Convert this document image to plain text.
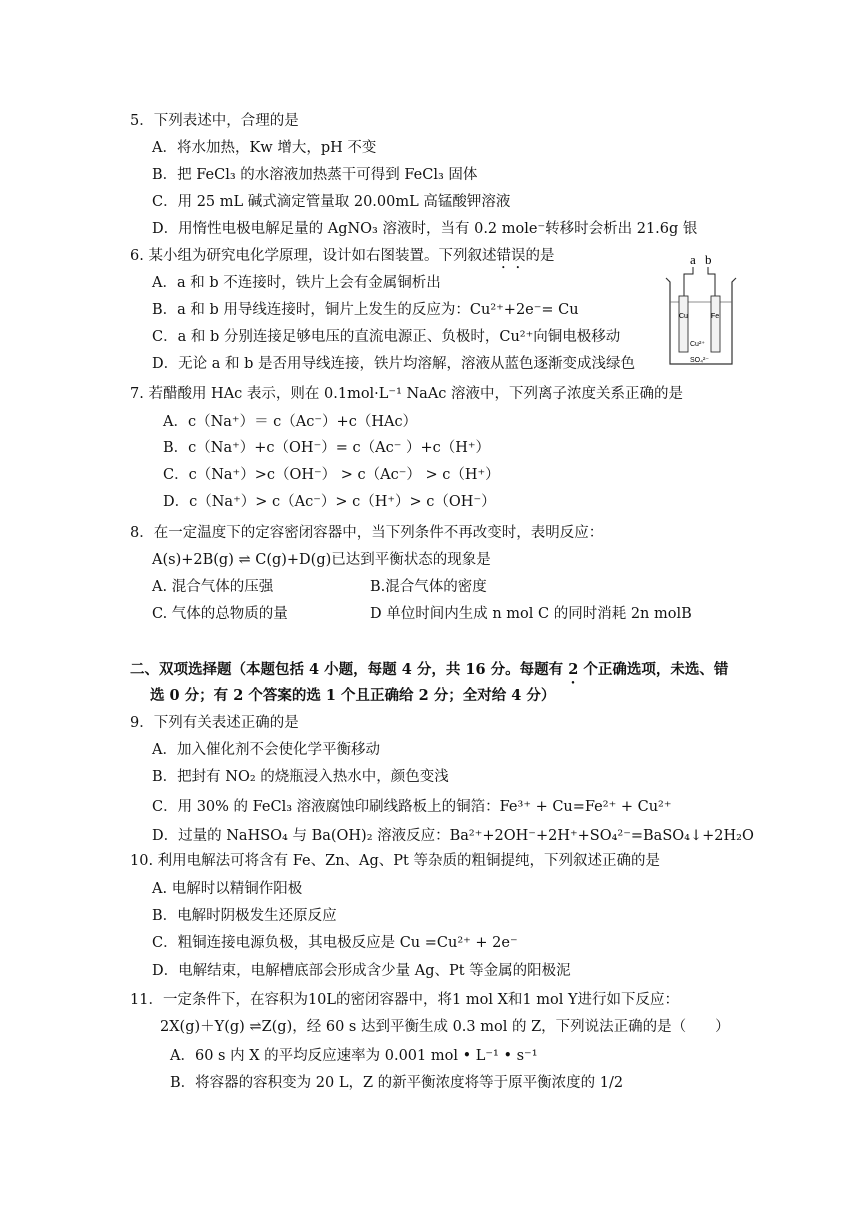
5．下列表述中，合理的是
A．将水加热，Kw 增大，pH 不变
B．把 FeCl₃ 的水溶液加热蒸干可得到 FeCl₃ 固体
C．用 25 mL 碱式滴定管量取 20.00mL 高锰酸钾溶液
D．用惰性电极电解足量的 AgNO₃ 溶液时，当有 0.2 mole⁻转移时会析出 21.6g 银
6. 某小组为研究电化学原理，设计如右图装置。下列叙述错误的是
A．a 和 b 不连接时，铁片上会有金属铜析出
B．a 和 b 用导线连接时，铜片上发生的反应为：Cu²⁺+2e⁻= Cu
C．a 和 b 分别连接足够电压的直流电源正、负极时，Cu²⁺向铜电极移动
D．无论 a 和 b 是否用导线连接，铁片均溶解，溶液从蓝色逐渐变成浅绿色
7. 若醋酸用 HAc 表示，则在 0.1mol·L⁻¹ NaAc 溶液中，下列离子浓度关系正确的是
A．c（Na⁺）＝ c（Ac⁻）+c（HAc）
B．c（Na⁺）+c（OH⁻）= c（Ac⁻ ）+c（H⁺）
C．c（Na⁺）>c（OH⁻） > c（Ac⁻） > c（H⁺）
D．c（Na⁺）> c（Ac⁻）> c（H⁺）> c（OH⁻）
8．在一定温度下的定容密闭容器中，当下列条件不再改变时，表明反应：
A(s)+2B(g) ⇌ C(g)+D(g)已达到平衡状态的现象是
A. 混合气体的压强	B.混合气体的密度
C. 气体的总物质的量	D 单位时间内生成 n mol C 的同时消耗 2n molB
二、双项选择题（本题包括 4 小题，每题 4 分，共 16 分。每题有 2 个正确选项，未选、错
选 0 分；有 2 个答案的选 1 个且正确给 2 分；全对给 4 分）
9．下列有关表述正确的是
A．加入催化剂不会使化学平衡移动
B．把封有 NO₂ 的烧瓶浸入热水中，颜色变浅
C．用 30% 的 FeCl₃ 溶液腐蚀印刷线路板上的铜箔：Fe³⁺ + Cu=Fe²⁺ + Cu²⁺
D．过量的 NaHSO₄ 与 Ba(OH)₂ 溶液反应：Ba²⁺+2OH⁻+2H⁺+SO₄²⁻=BaSO₄↓+2H₂O
10. 利用电解法可将含有 Fe、Zn、Ag、Pt 等杂质的粗铜提纯，下列叙述正确的是
A. 电解时以精铜作阳极
B．电解时阴极发生还原反应
C．粗铜连接电源负极，其电极反应是 Cu =Cu²⁺ + 2e⁻
D．电解结束，电解槽底部会形成含少量 Ag、Pt 等金属的阳极泥
11．一定条件下，在容积为10L的密闭容器中，将1 mol X和1 mol Y进行如下反应：
2X(g)＋Y(g) ⇌Z(g)，经 60 s 达到平衡生成 0.3 mol 的 Z，下列说法正确的是（　　）
A．60 s 内 X 的平均反应速率为 0.001 mol • L⁻¹ • s⁻¹
B．将容器的容积变为 20 L，Z 的新平衡浓度将等于原平衡浓度的 1/2
a b
Cu	Fe
Cu²⁺
SO₄²⁻
